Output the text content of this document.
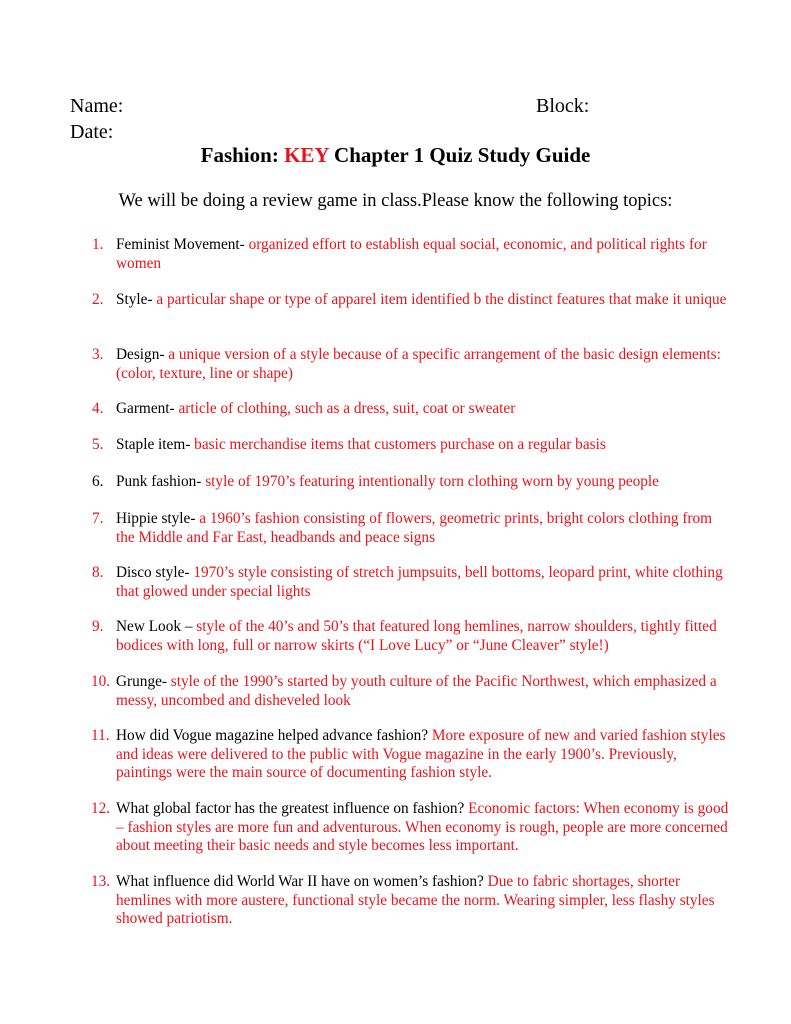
Name:	Block:
Date:
Fashion: KEY Chapter 1 Quiz Study Guide
We will be doing a review game in class.Please know the following topics:
1. Feminist Movement- organized effort to establish equal social, economic, and political rights for women
2. Style- a particular shape or type of apparel item identified b the distinct features that make it unique
3. Design- a unique version of a style because of a specific arrangement of the basic design elements: (color, texture, line or shape)
4. Garment- article of clothing, such as a dress, suit, coat or sweater
5. Staple item- basic merchandise items that customers purchase on a regular basis
6. Punk fashion- style of 1970’s featuring intentionally torn clothing worn by young people
7. Hippie style- a 1960’s fashion consisting of flowers, geometric prints, bright colors clothing from the Middle and Far East, headbands and peace signs
8. Disco style- 1970’s style consisting of stretch jumpsuits, bell bottoms, leopard print, white clothing that glowed under special lights
9. New Look – style of the 40’s and 50’s that featured long hemlines, narrow shoulders, tightly fitted bodices with long, full or narrow skirts (“I Love Lucy” or “June Cleaver” style!)
10. Grunge- style of the 1990’s started by youth culture of the Pacific Northwest, which emphasized a messy, uncombed and disheveled look
11. How did Vogue magazine helped advance fashion? More exposure of new and varied fashion styles and ideas were delivered to the public with Vogue magazine in the early 1900’s. Previously, paintings were the main source of documenting fashion style.
12. What global factor has the greatest influence on fashion? Economic factors: When economy is good – fashion styles are more fun and adventurous. When economy is rough, people are more concerned about meeting their basic needs and style becomes less important.
13. What influence did World War II have on women’s fashion? Due to fabric shortages, shorter hemlines with more austere, functional style became the norm. Wearing simpler, less flashy styles showed patriotism.
